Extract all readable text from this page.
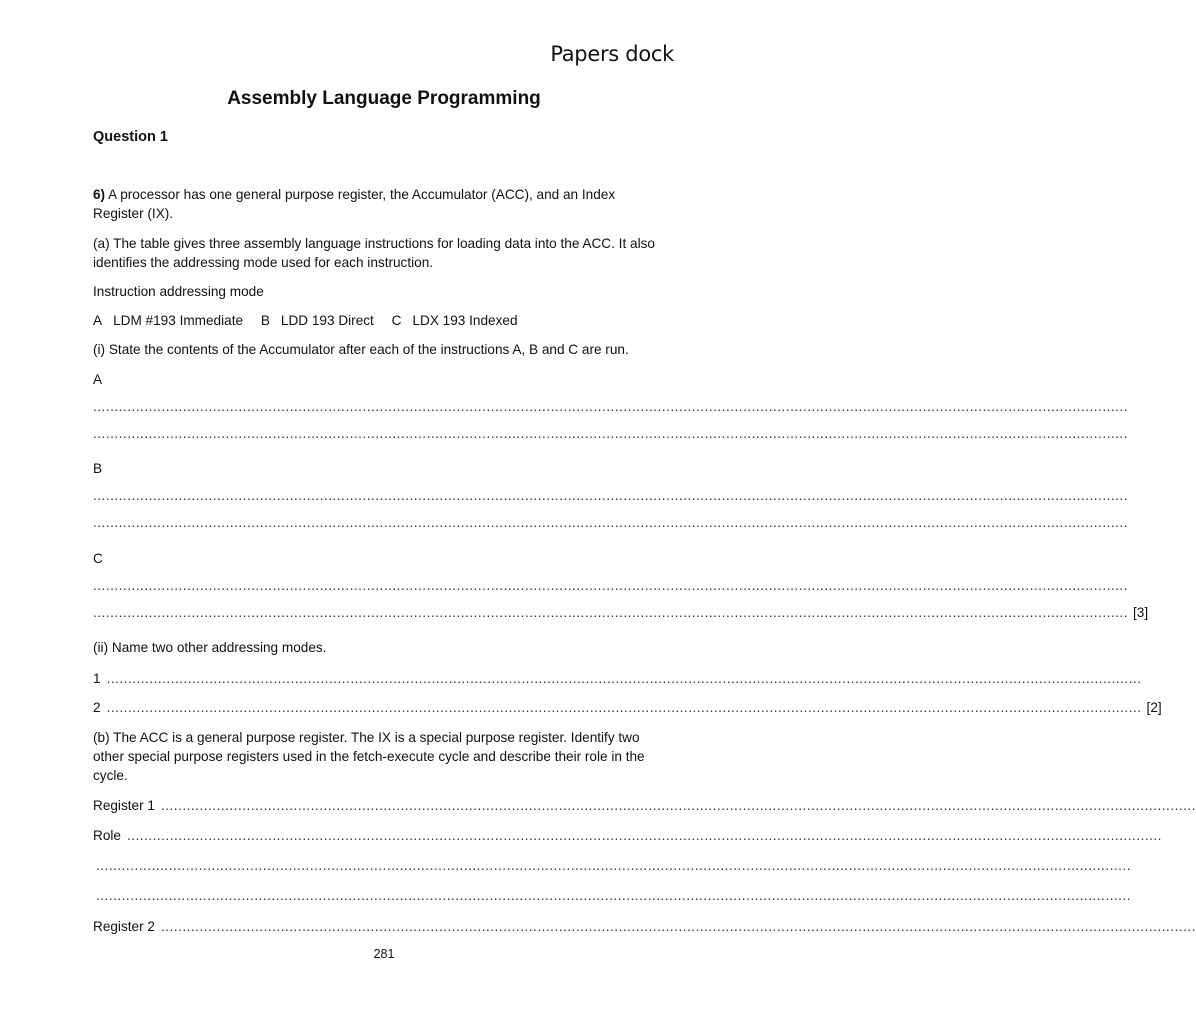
Papers dock
Assembly Language Programming
Question 1
6) A processor has one general purpose register, the Accumulator (ACC), and an Index
Register (IX).
(a) The table gives three assembly language instructions for loading data into the ACC. It also
identifies the addressing mode used for each instruction.
Instruction addressing mode
A LDM #193 Immediate B LDD 193 Direct C LDX 193 Indexed
(i) State the contents of the Accumulator after each of the instructions A, B and C are run.
A
..................................................................................................................................................................................................................................................
..................................................................................................................................................................................................................................................
B
..................................................................................................................................................................................................................................................
..................................................................................................................................................................................................................................................
C
..................................................................................................................................................................................................................................................
.................................................................................................................................................................................................................................................. [3]
(ii) Name two other addressing modes.
1 ..................................................................................................................................................................................................................................................
2 .................................................................................................................................................................................................................................................. [2]
(b) The ACC is a general purpose register. The IX is a special purpose register. Identify two
other special purpose registers used in the fetch-execute cycle and describe their role in the
cycle.
Register 1 ..................................................................................................................................................................................................................................................
Role ..................................................................................................................................................................................................................................................
..................................................................................................................................................................................................................................................
..................................................................................................................................................................................................................................................
Register 2 ..................................................................................................................................................................................................................................................
281
